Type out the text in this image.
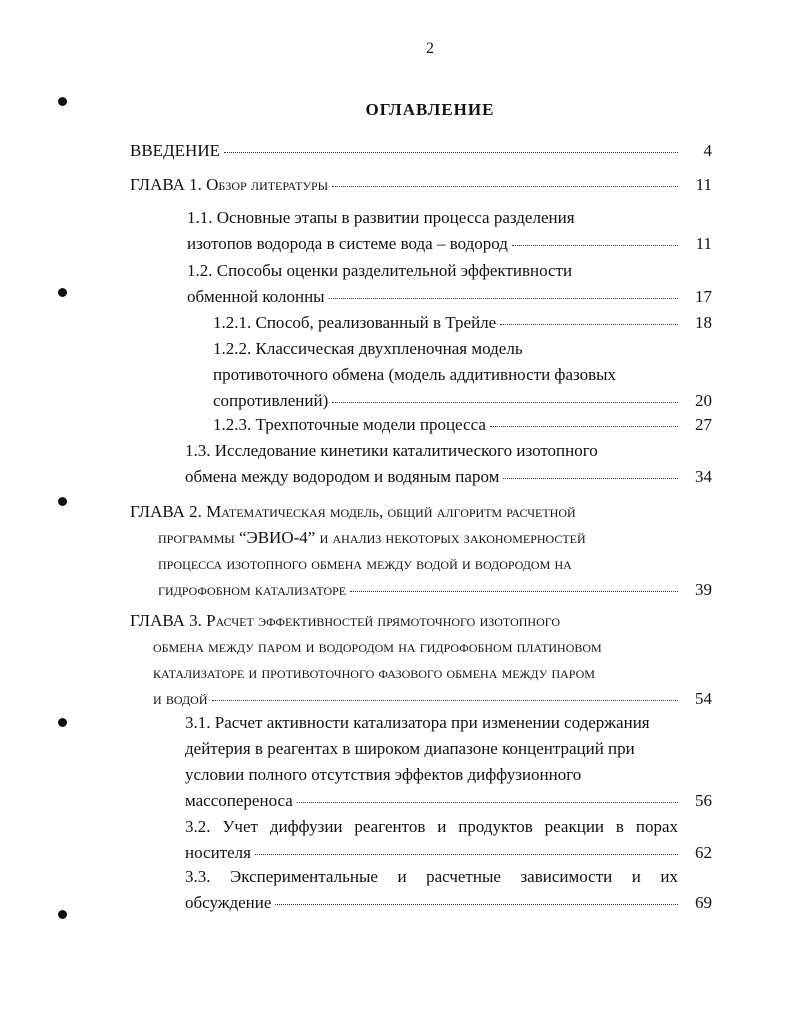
2
ОГЛАВЛЕНИЕ
ВВЕДЕНИЕ	4
ГЛАВА 1. Обзор литературы	11
1.1. Основные этапы в развитии процесса разделения
изотопов водорода в системе вода – водород	11
1.2. Способы оценки разделительной эффективности
обменной колонны	17
1.2.1. Способ, реализованный в Трейле	18
1.2.2. Классическая двухпленочная модель
противоточного обмена (модель аддитивности фазовых
сопротивлений)	20
1.2.3. Трехпоточные модели процесса	27
1.3. Исследование кинетики каталитического изотопного
обмена между водородом и водяным паром	34
ГЛАВА 2. Математическая модель, общий алгоритм расчетной
программы “ЭВИО-4” и анализ некоторых закономерностей
процесса изотопного обмена между водой и водородом на
гидрофобном катализаторе	39
ГЛАВА 3. Расчет эффективностей прямоточного изотопного
обмена между паром и водородом на гидрофобном платиновом
катализаторе и противоточного фазового обмена между паром
и водой	54
3.1. Расчет активности катализатора при изменении содержания
дейтерия в реагентах в широком диапазоне концентраций при
условии полного отсутствия эффектов диффузионного
массопереноса	56
3.2. Учет диффузии реагентов и продуктов реакции в порах
носителя	62
3.3. Экспериментальные и расчетные зависимости и их
обсуждение	69
